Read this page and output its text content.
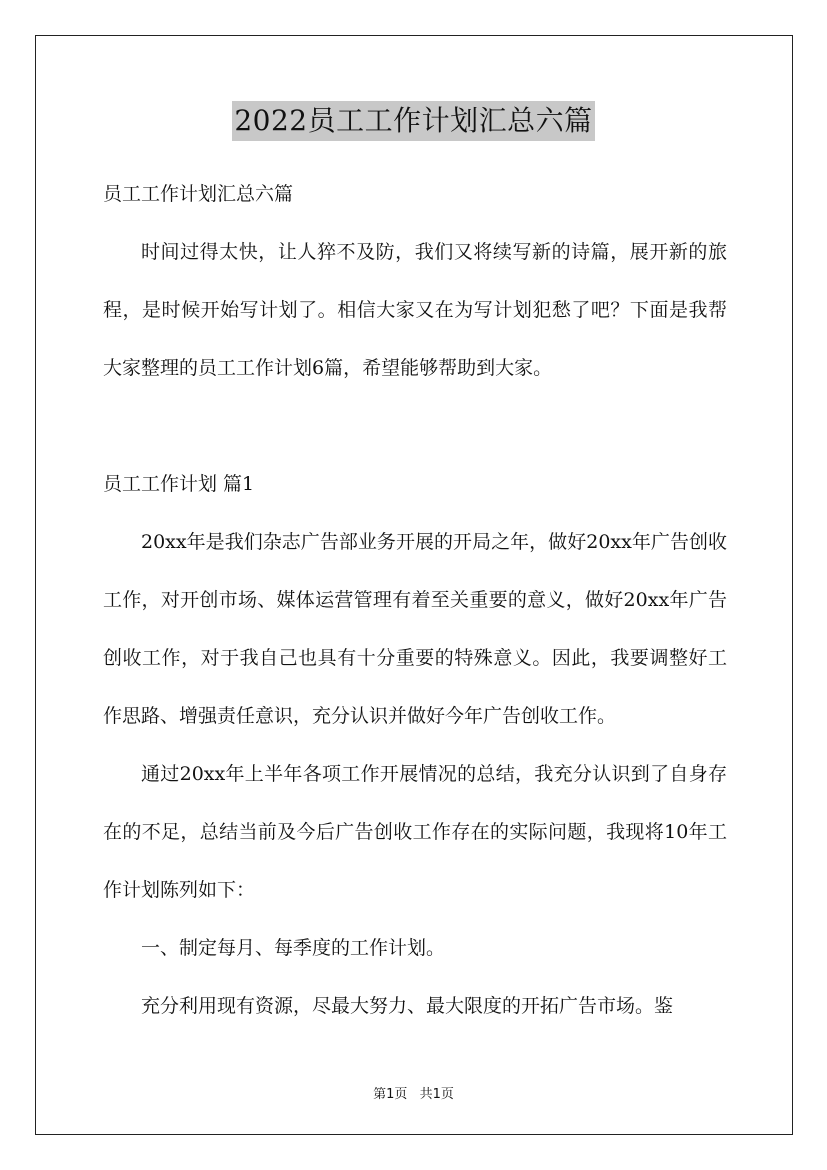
2022员工工作计划汇总六篇

员工工作计划汇总六篇

时间过得太快，让人猝不及防，我们又将续写新的诗篇，展开新的旅程，是时候开始写计划了。相信大家又在为写计划犯愁了吧？下面是我帮大家整理的员工工作计划6篇，希望能够帮助到大家。

员工工作计划 篇1

20xx年是我们杂志广告部业务开展的开局之年，做好20xx年广告创收工作，对开创市场、媒体运营管理有着至关重要的意义，做好20xx年广告创收工作，对于我自己也具有十分重要的特殊意义。因此，我要调整好工作思路、增强责任意识，充分认识并做好今年广告创收工作。

通过20xx年上半年各项工作开展情况的总结，我充分认识到了自身存在的不足，总结当前及今后广告创收工作存在的实际问题，我现将10年工作计划陈列如下：

一、制定每月、每季度的工作计划。

充分利用现有资源，尽最大努力、最大限度的开拓广告市场。鉴

第1页 共1页
